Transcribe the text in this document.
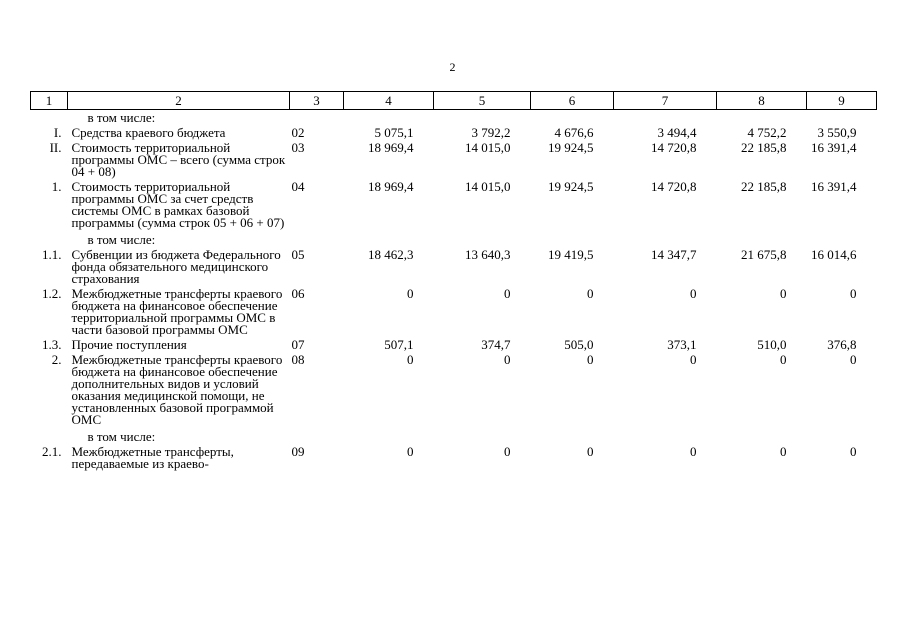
2
1	2	3	4	5	6	7	8	9
	в том числе:							
I.	Средства краевого бюджета	02	5 075,1	3 792,2	4 676,6	3 494,4	4 752,2	3 550,9
II.	Стоимость территориальной программы ОМС – всего (сумма строк 04 + 08)	03	18 969,4	14 015,0	19 924,5	14 720,8	22 185,8	16 391,4
1.	Стоимость территориальной программы ОМС за счет средств системы ОМС в рамках базовой программы (сумма строк 05 + 06 + 07)	04	18 969,4	14 015,0	19 924,5	14 720,8	22 185,8	16 391,4
	в том числе:							
1.1.	Субвенции из бюджета Федерального фонда обязательного медицинского страхования	05	18 462,3	13 640,3	19 419,5	14 347,7	21 675,8	16 014,6
1.2.	Межбюджетные трансферты краевого бюджета на финансовое обеспечение территориальной программы ОМС в части базовой программы ОМС	06	0	0	0	0	0	0
1.3.	Прочие поступления	07	507,1	374,7	505,0	373,1	510,0	376,8
2.	Межбюджетные трансферты краевого бюджета на финансовое обеспечение дополнительных видов и условий оказания медицинской помощи, не установленных базовой программой ОМС	08	0	0	0	0	0	0
	в том числе:							
2.1.	Межбюджетные трансферты, передаваемые из краево-	09	0	0	0	0	0	0
